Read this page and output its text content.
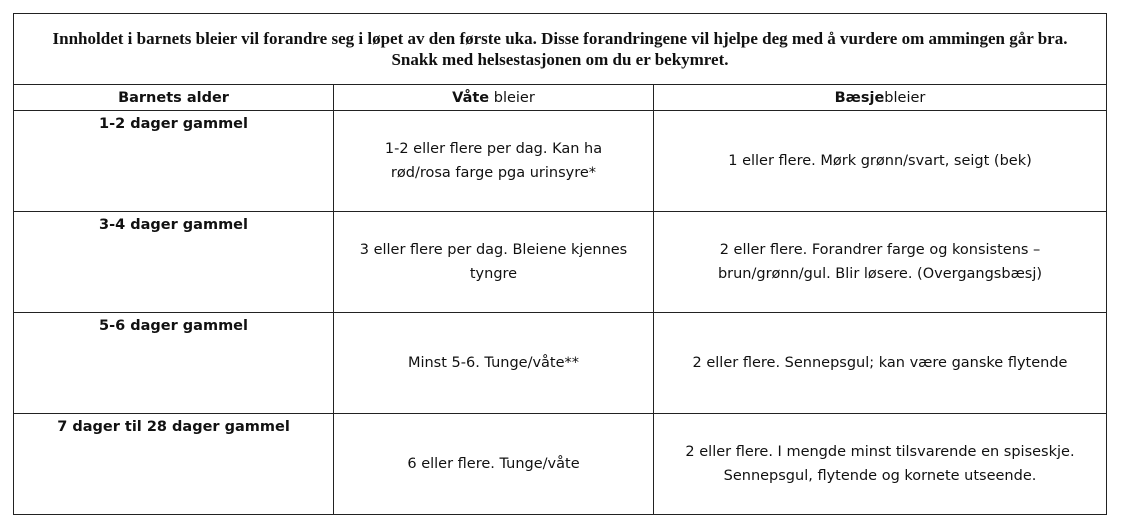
Innholdet i barnets bleier vil forandre seg i løpet av den første uka. Disse forandringene vil hjelpe deg med å vurdere om ammingen går bra. Snakk med helsestasjonen om du er bekymret.		
Barnets alder	Våte bleier	Bæsjebleier
1-2 dager gammel	1-2 eller flere per dag. Kan ha rød/rosa farge pga urinsyre*	1 eller flere. Mørk grønn/svart, seigt (bek)
3-4 dager gammel	3 eller flere per dag. Bleiene kjennes tyngre	2 eller flere. Forandrer farge og konsistens – brun/grønn/gul. Blir løsere. (Overgangsbæsj)

5-6 dager gammel	Minst 5-6. Tunge/våte**	2 eller flere. Sennepsgul; kan være ganske flytende
7 dager til 28 dager gammel	6 eller flere. Tunge/våte	2 eller flere. I mengde minst tilsvarende en spiseskje. Sennepsgul, flytende og kornete utseende.
